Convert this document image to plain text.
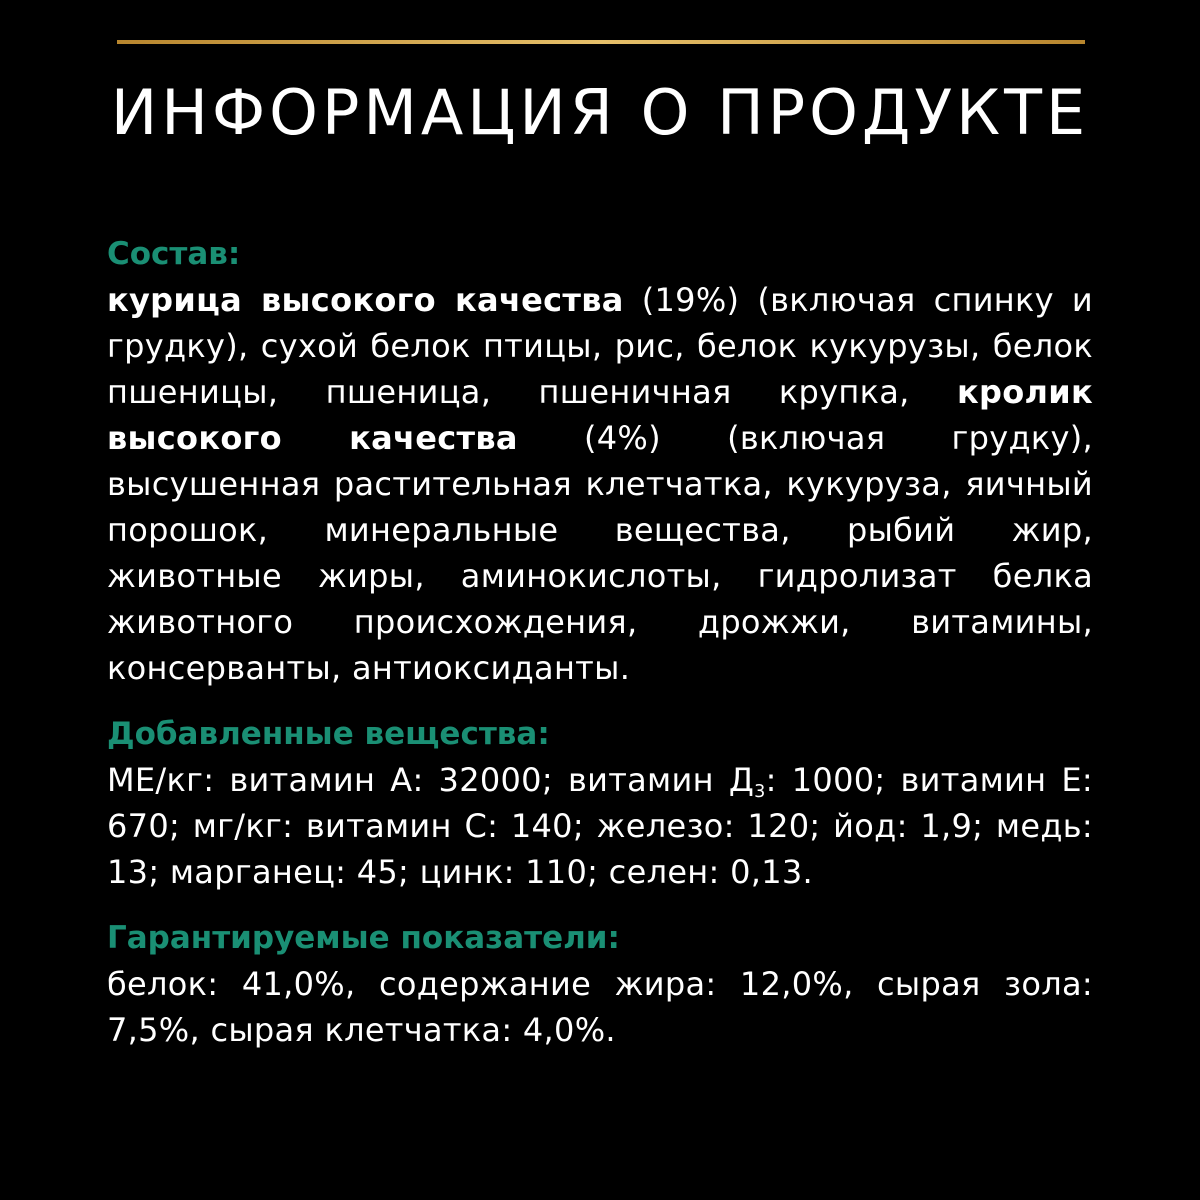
ИНФОРМАЦИЯ О ПРОДУКТЕ
Состав:

курица высокого качества (19%) (включая спинку и грудку), сухой белок птицы, рис, белок кукурузы, белок пшеницы, пшеница, пшеничная крупка, кролик высокого качества (4%) (включая грудку), высушенная растительная клетчатка, кукуруза, яичный порошок, минеральные вещества, рыбий жир, животные жиры, аминокислоты, гидролизат белка животного происхождения, дрожжи, витамины, консерванты, антиоксиданты.

Добавленные вещества:

МЕ/кг: витамин А: 32000; витамин $Д_3$: 1000; витамин Е: 670; мг/кг: витамин С: 140; железо: 120; йод: 1,9; медь: 13; марганец: 45; цинк: 110; селен: 0,13.

Гарантируемые показатели:

белок: 41,0%, содержание жира: 12,0%, сырая зола: 7,5%, сырая клетчатка: 4,0%.
